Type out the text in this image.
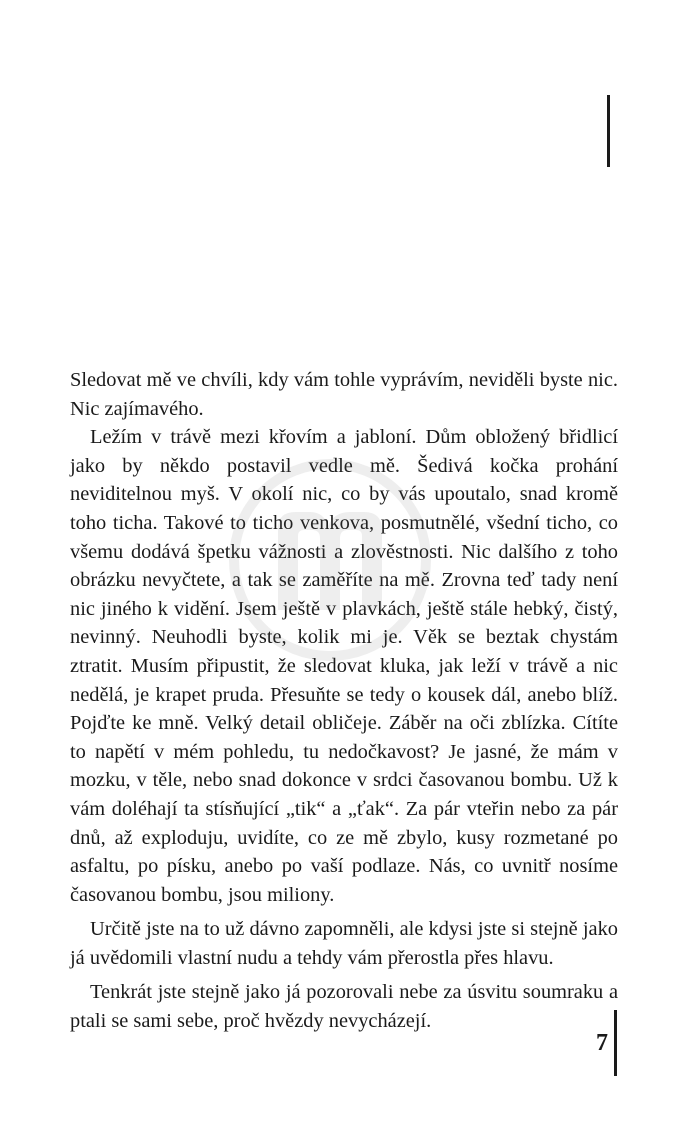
Sledovat mě ve chvíli, kdy vám tohle vyprávím, neviděli byste nic. Nic zajímavého.

Ležím v trávě mezi křovím a jabloní. Dům obložený břidlicí jako by někdo postavil vedle mě. Šedivá kočka prohání neviditelnou myš. V okolí nic, co by vás upoutalo, snad kromě toho ticha. Takové to ticho venkova, posmutnělé, všední ticho, co všemu dodává špetku vážnosti a zlověstnosti. Nic dalšího z toho obrázku nevyčtete, a tak se zaměříte na mě. Zrovna teď tady není nic jiného k vidění. Jsem ještě v plavkách, ještě stále hebký, čistý, nevinný. Neuhodli byste, kolik mi je. Věk se beztak chystám ztratit. Musím připustit, že sledovat kluka, jak leží v trávě a nic nedělá, je krapet pruda. Přesuňte se tedy o kousek dál, anebo blíž. Pojďte ke mně. Velký detail obličeje. Záběr na oči zblízka. Cítíte to napětí v mém pohledu, tu nedočkavost? Je jasné, že mám v mozku, v těle, nebo snad dokonce v srdci časovanou bombu. Už k vám doléhají ta stísňující „tik“ a „ťak“. Za pár vteřin nebo za pár dnů, až exploduju, uvidíte, co ze mě zbylo, kusy rozmetané po asfaltu, po písku, anebo po vaší podlaze. Nás, co uvnitř nosíme časovanou bombu, jsou miliony.

Určitě jste na to už dávno zapomněli, ale kdysi jste si stejně jako já uvědomili vlastní nudu a tehdy vám přerostla přes hlavu.

Tenkrát jste stejně jako já pozorovali nebe za úsvitu soumraku a ptali se sami sebe, proč hvězdy nevycházejí.

7
